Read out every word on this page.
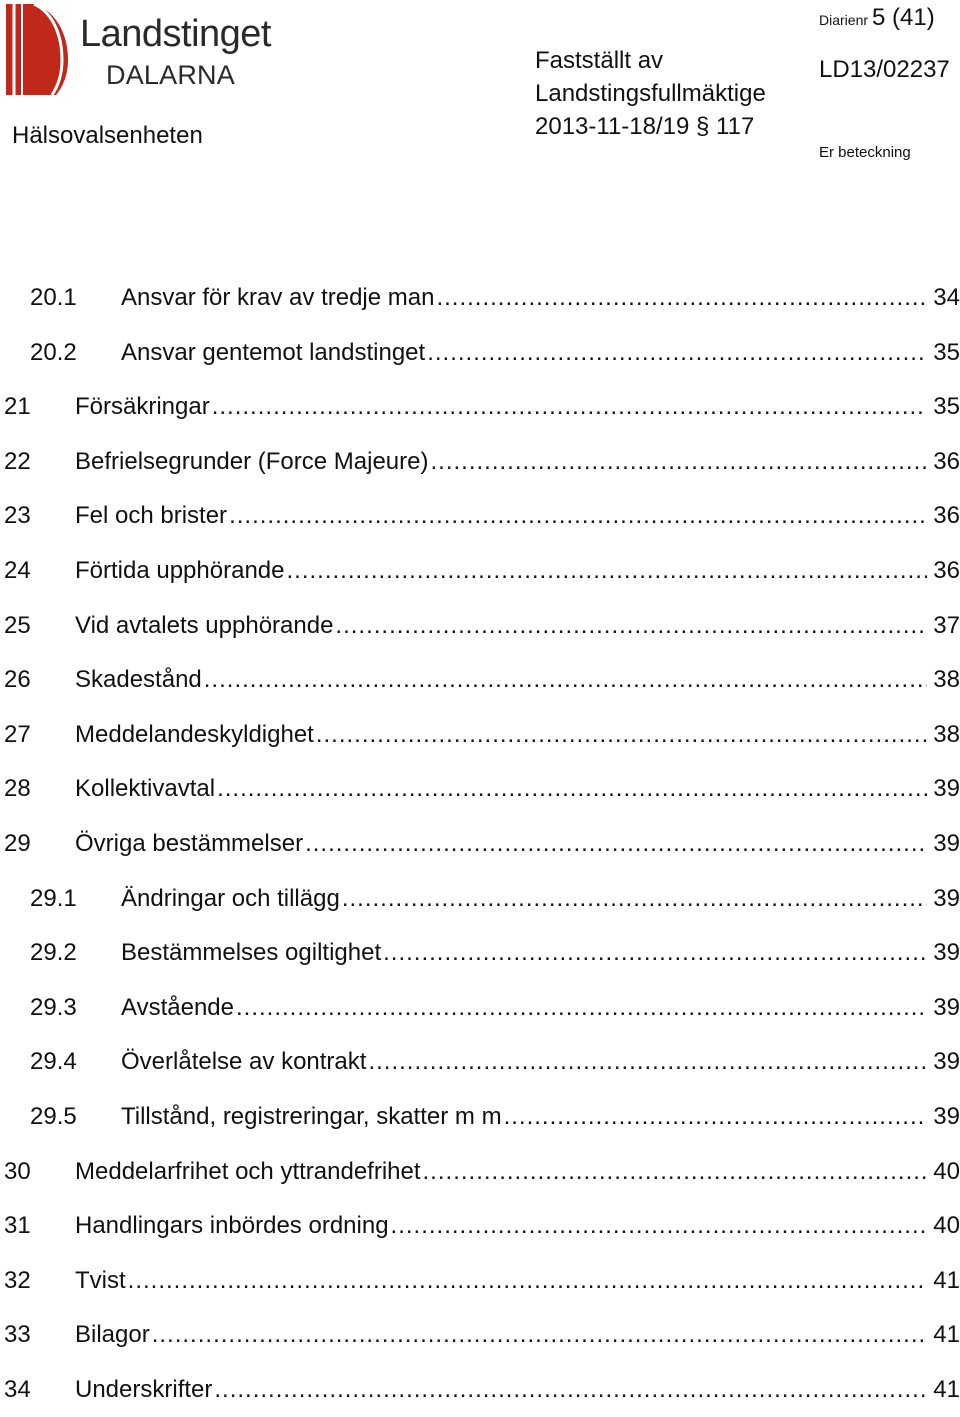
Landstinget
DALARNA
Hälsovalsenheten
Fastställt av
Landstingsfullmäktige
2013-11-18/19 § 117
Diarienr 5 (41)
LD13/02237
Er beteckning
20.1 Ansvar för krav av tredje man .....	34
20.2 Ansvar gentemot landstinget .....	35
21 Försäkringar .....	35
22 Befrielsegrunder (Force Majeure) .....	36
23 Fel och brister .....	36
24 Förtida upphörande .....	36
25 Vid avtalets upphörande .....	37
26 Skadestånd .....	38
27 Meddelandeskyldighet .....	38
28 Kollektivavtal .....	39
29 Övriga bestämmelser .....	39
29.1 Ändringar och tillägg .....	39
29.2 Bestämmelses ogiltighet .....	39
29.3 Avstående .....	39
29.4 Överlåtelse av kontrakt .....	39
29.5 Tillstånd, registreringar, skatter m m .....	39
30 Meddelarfrihet och yttrandefrihet .....	40
31 Handlingars inbördes ordning .....	40
32 Tvist .....	41
33 Bilagor .....	41
34 Underskrifter .....	41
